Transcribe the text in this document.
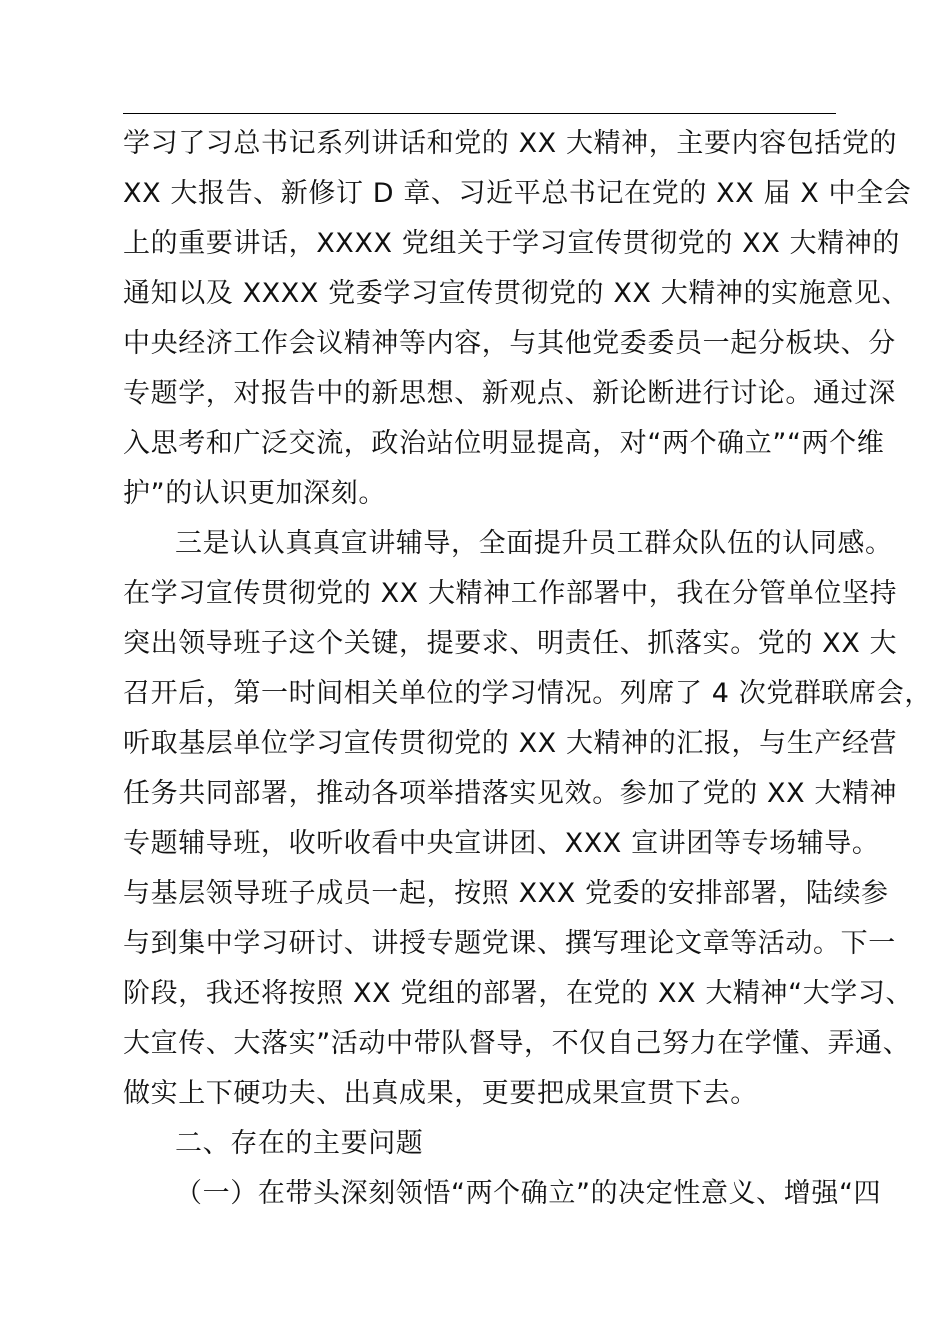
学习了习总书记系列讲话和党的 XX 大精神，主要内容包括党的
XX 大报告、新修订 D 章、习近平总书记在党的 XX 届 X 中全会
上的重要讲话，XXXX 党组关于学习宣传贯彻党的 XX 大精神的
通知以及 XXXX 党委学习宣传贯彻党的 XX 大精神的实施意见、
中央经济工作会议精神等内容，与其他党委委员一起分板块、分
专题学，对报告中的新思想、新观点、新论断进行讨论。通过深
入思考和广泛交流，政治站位明显提高，对“两个确立”“两个维
护”的认识更加深刻。
三是认认真真宣讲辅导，全面提升员工群众队伍的认同感。
在学习宣传贯彻党的 XX 大精神工作部署中，我在分管单位坚持
突出领导班子这个关键，提要求、明责任、抓落实。党的 XX 大
召开后，第一时间相关单位的学习情况。列席了 4 次党群联席会，
听取基层单位学习宣传贯彻党的 XX 大精神的汇报，与生产经营
任务共同部署，推动各项举措落实见效。参加了党的 XX 大精神
专题辅导班，收听收看中央宣讲团、XXX 宣讲团等专场辅导。
与基层领导班子成员一起，按照 XXX 党委的安排部署，陆续参
与到集中学习研讨、讲授专题党课、撰写理论文章等活动。下一
阶段，我还将按照 XX 党组的部署，在党的 XX 大精神“大学习、
大宣传、大落实”活动中带队督导，不仅自己努力在学懂、弄通、
做实上下硬功夫、出真成果，更要把成果宣贯下去。
二、存在的主要问题
（一）在带头深刻领悟“两个确立”的决定性意义、增强“四
